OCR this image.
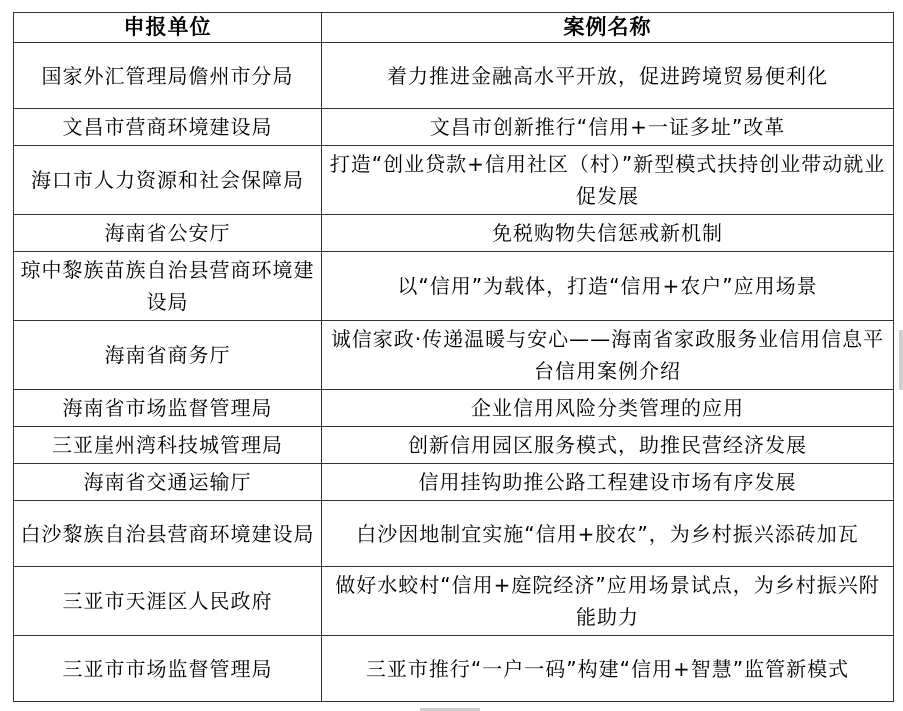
申报单位	案例名称
国家外汇管理局儋州市分局	着力推进金融高水平开放，促进跨境贸易便利化
文昌市营商环境建设局	文昌市创新推行“信用+一证多址”改革
海口市人力资源和社会保障局	打造“创业贷款+信用社区（村）”新型模式扶持创业带动就业促发展
海南省公安厅	免税购物失信惩戒新机制
琼中黎族苗族自治县营商环境建设局	以“信用”为载体，打造“信用+农户”应用场景
海南省商务厅	诚信家政·传递温暖与安心——海南省家政服务业信用信息平台信用案例介绍
海南省市场监督管理局	企业信用风险分类管理的应用
三亚崖州湾科技城管理局	创新信用园区服务模式，助推民营经济发展
海南省交通运输厅	信用挂钩助推公路工程建设市场有序发展
白沙黎族自治县营商环境建设局	白沙因地制宜实施“信用+胶农”，为乡村振兴添砖加瓦
三亚市天涯区人民政府	做好水蛟村“信用+庭院经济”应用场景试点，为乡村振兴附能助力
三亚市市场监督管理局	三亚市推行“一户一码”构建“信用+智慧”监管新模式
